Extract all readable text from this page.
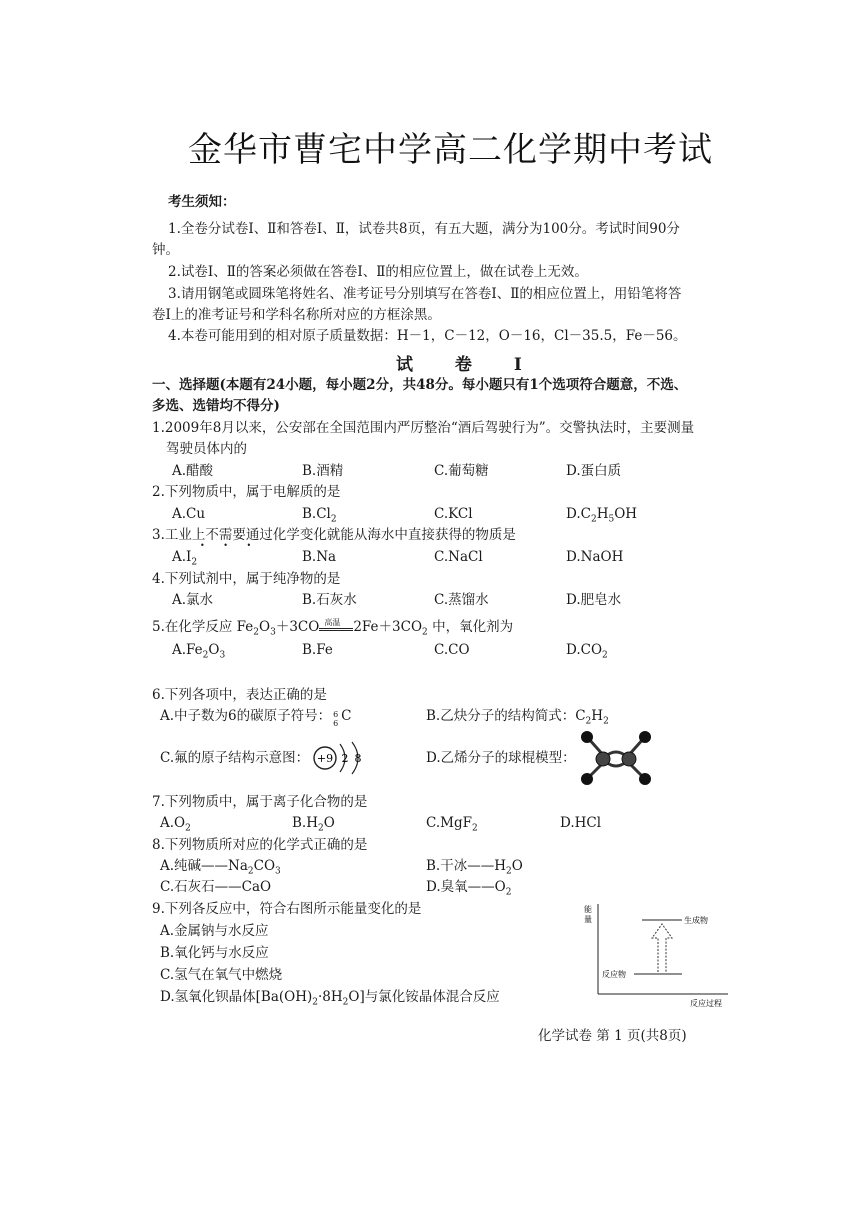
金华市曹宅中学高二化学期中考试
考生须知：
1.全卷分试卷Ⅰ、Ⅱ和答卷Ⅰ、Ⅱ，试卷共8页，有五大题，满分为100分。考试时间90分
钟。
2.试卷Ⅰ、Ⅱ的答案必须做在答卷Ⅰ、Ⅱ的相应位置上，做在试卷上无效。
3.请用钢笔或圆珠笔将姓名、准考证号分别填写在答卷Ⅰ、Ⅱ的相应位置上，用铅笔将答
卷Ⅰ上的准考证号和学科名称所对应的方框涂黑。
4.本卷可能用到的相对原子质量数据：H－1，C－12，O－16，Cl－35.5，Fe－56。
试 卷 Ⅰ
一、选择题(本题有24小题，每小题2分，共48分。每小题只有1个选项符合题意，不选、
多选、选错均不得分)
1.2009年8月以来，公安部在全国范围内严厉整治“酒后驾驶行为”。交警执法时，主要测量
驾驶员体内的
A.醋酸	B.酒精	C.葡萄糖	D.蛋白质
2.下列物质中，属于电解质的是
A.Cu	$B.Cl_2$	C.KCl	$D.C_2H_5OH$
3.工业上不需要通过化学变化就能从海水中直接获得的物质是
• • •
$A.I_2$	B.Na	C.NaCl	D.NaOH
4.下列试剂中，属于纯净物的是
A.氯水	B.石灰水	C.蒸馏水	D.肥皂水
5.在化学反应 $Fe_2O_3+3CO$ 高温 $2Fe+3CO_2$ 中，氧化剂为
$A.Fe_2O_3$	B.Fe	C.CO	$D.CO_2$
6.下列各项中，表达正确的是
A.中子数为6的碳原子符号： 6
6 C	B.乙炔分子的结构简式：$C_2H_2$
C.氟的原子结构示意图： +9 2 8	D.乙烯分子的球棍模型：
7.下列物质中，属于离子化合物的是
$A.O_2$	$B.H_2O$	C.MgF$_2$	D.HCl
8.下列物质所对应的化学式正确的是
A.纯碱$——Na_2CO_3$	B.干冰$——H_2O$
C.石灰石——CaO	D.臭氧$——O_2$
9.下列各反应中，符合右图所示能量变化的是
A.金属钠与水反应
B.氧化钙与水反应
C.氢气在氧气中燃烧
D.氢氧化钡晶体$[Ba(OH)_2\cdot 8H_2O]$与氯化铵晶体混合反应
能
量	生成物
反应物
反应过程
化学试卷 第 1 页(共8页)
